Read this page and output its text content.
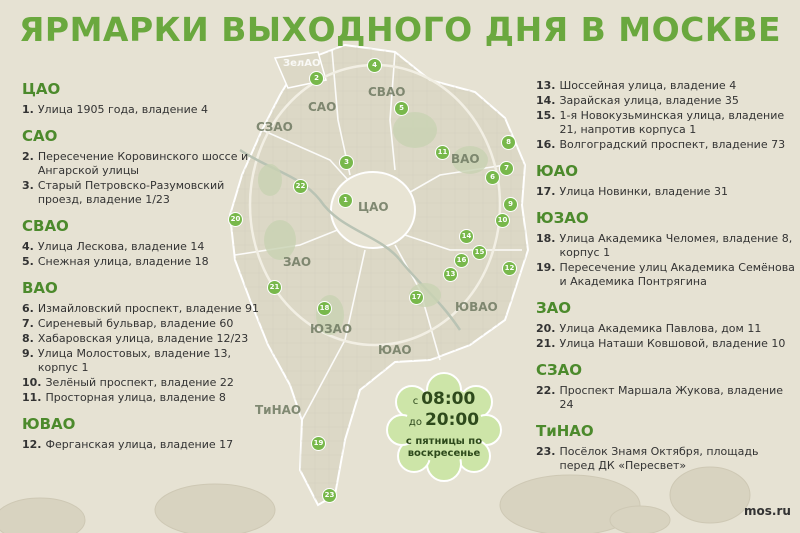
ЯРМАРКИ ВЫХОДНОГО ДНЯ В МОСКВЕ
ЗелАО
САО
СВАО
СЗАО
ВАО
ЦАО
ЗАО
ЮЗАО
ЮВАО
ЮАО
ТиНАО
1
2
3
4
5
6
7
8
9
10
11
12
13
14
15
16
17
18
19
20
21
22
23
ЦАО
1. Улица 1905 года, владение 4
САО
2. Пересечение Коровинского шоссе и Ангарской улицы
3. Старый Петровско-Разумовский проезд, владение 1/23
СВАО
4. Улица Лескова, владение 14
5. Снежная улица, владение 18
ВАО
6. Измайловский проспект, владение 91
7. Сиреневый бульвар, владение 60
8. Хабаровская улица, владение 12/23
9. Улица Молостовых, владение 13, корпус 1
10. Зелёный проспект, владение 22
11. Просторная улица, владение 8
ЮВАО
12. Ферганская улица, владение 17
13. Шоссейная улица, владение 4
14. Зарайская улица, владение 35
15. 1-я Новокузьминская улица, владение 21, напротив корпуса 1
16. Волгоградский проспект, владение 73
ЮАО
17. Улица Новинки, владение 31
ЮЗАО
18. Улица Академика Челомея, владение 8, корпус 1
19. Пересечение улиц Академика Семёнова и Академика Понтрягина
ЗАО
20. Улица Академика Павлова, дом 11
21. Улица Наташи Ковшовой, владение 10
СЗАО
22. Проспект Маршала Жукова, владение 24
ТиНАО
23. Посёлок Знамя Октября, площадь перед ДК «Пересвет»
с 08:00
до 20:00
с пятницы по воскресенье
mos.ru
